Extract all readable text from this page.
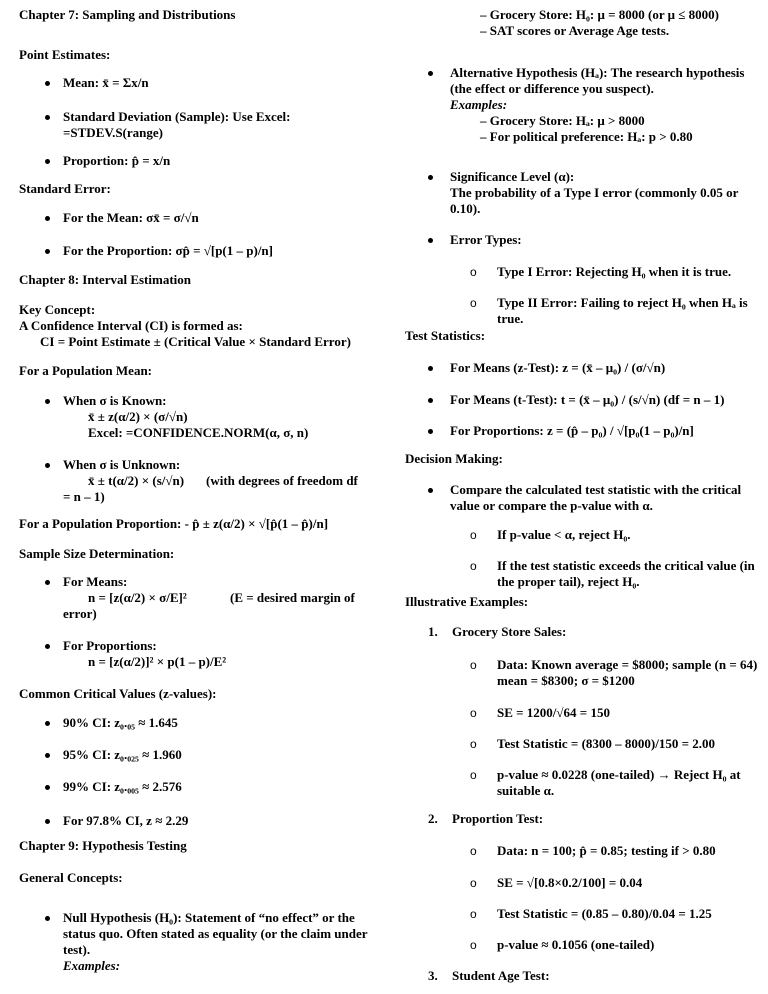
Chapter 7: Sampling and Distributions
Point Estimates:
Mean: x̄ = Σx/n
Standard Deviation (Sample): Use Excel:
=STDEV.S(range)
Proportion: p̂ = x/n
Standard Error:
For the Mean: σx̄ = σ/√n
For the Proportion: σp̂ = √[p(1 – p)/n]
Chapter 8: Interval Estimation
Key Concept:
A Confidence Interval (CI) is formed as:
CI = Point Estimate ± (Critical Value × Standard Error)
For a Population Mean:
When σ is Known:
x̄ ± z(α/2) × (σ/√n)
Excel: =CONFIDENCE.NORM(α, σ, n)
When σ is Unknown:
x̄ ± t(α/2) × (s/√n) (with degrees of freedom df
= n – 1)
For a Population Proportion: - p̂ ± z(α/2) × √[p̂(1 – p̂)/n]
Sample Size Determination:
For Means:
n = [z(α/2) × σ/E]²	(E = desired margin of
error)
For Proportions:
n = [z(α/2)]² × p(1 – p)/E²
Common Critical Values (z-values):
90% CI: z₀.₀₅ ≈ 1.645
95% CI: z₀.₀₂₅ ≈ 1.960
99% CI: z₀.₀₀₅ ≈ 2.576
For 97.8% CI, z ≈ 2.29
Chapter 9: Hypothesis Testing
General Concepts:
Null Hypothesis (H₀): Statement of “no effect” or the
status quo. Often stated as equality (or the claim under
test).
Examples:
– Grocery Store: H₀: μ = 8000 (or μ ≤ 8000)
– SAT scores or Average Age tests.
Alternative Hypothesis (Hₐ): The research hypothesis
(the effect or difference you suspect).
Examples:
– Grocery Store: Hₐ: μ > 8000
– For political preference: Hₐ: p > 0.80
Significance Level (α):
The probability of a Type I error (commonly 0.05 or
0.10).
Error Types:
o Type I Error: Rejecting H₀ when it is true.
o Type II Error: Failing to reject H₀ when Hₐ is
true.
Test Statistics:
For Means (z-Test): z = (x̄ – μ₀) / (σ/√n)
For Means (t-Test): t = (x̄ – μ₀) / (s/√n) (df = n – 1)
For Proportions: z = (p̂ – p₀) / √[p₀(1 – p₀)/n]
Decision Making:
Compare the calculated test statistic with the critical
value or compare the p-value with α.
o If p-value < α, reject H₀.
o If the test statistic exceeds the critical value (in
the proper tail), reject H₀.
Illustrative Examples:
1. Grocery Store Sales:
o Data: Known average = $8000; sample (n = 64)
mean = $8300; σ = $1200
o SE = 1200/√64 = 150
o Test Statistic = (8300 – 8000)/150 = 2.00
o p-value ≈ 0.0228 (one-tailed) → Reject H₀ at
suitable α.
2. Proportion Test:
o Data: n = 100; p̂ = 0.85; testing if > 0.80
o SE = √[0.8×0.2/100] = 0.04
o Test Statistic = (0.85 – 0.80)/0.04 = 1.25
o p-value ≈ 0.1056 (one-tailed)
3. Student Age Test:
